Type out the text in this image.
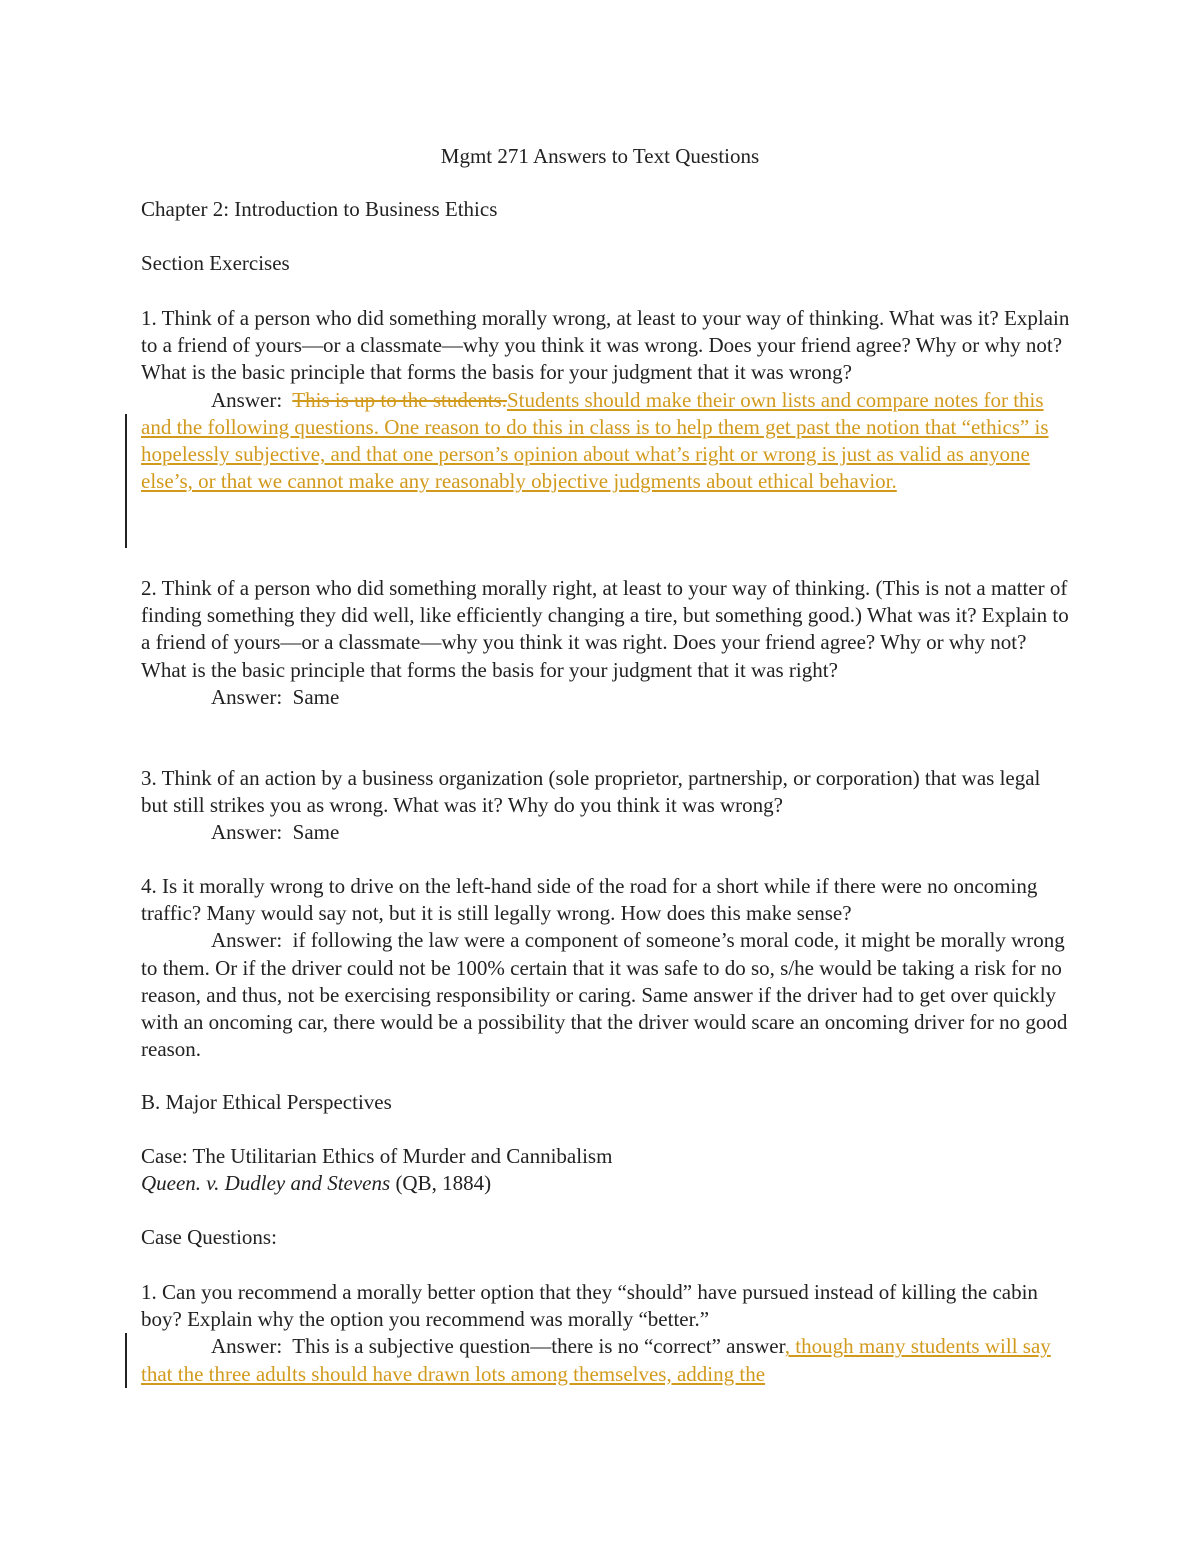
Mgmt 271 Answers to Text Questions
Chapter 2: Introduction to Business Ethics
Section Exercises
1. Think of a person who did something morally wrong, at least to your way of thinking. What was it? Explain to a friend of yours—or a classmate—why you think it was wrong. Does your friend agree? Why or why not? What is the basic principle that forms the basis for your judgment that it was wrong?
Answer: This is up to the students.Students should make their own lists and compare notes for this and the following questions. One reason to do this in class is to help them get past the notion that “ethics” is hopelessly subjective, and that one person’s opinion about what’s right or wrong is just as valid as anyone else’s, or that we cannot make any reasonably objective judgments about ethical behavior.
2. Think of a person who did something morally right, at least to your way of thinking. (This is not a matter of finding something they did well, like efficiently changing a tire, but something good.) What was it? Explain to a friend of yours—or a classmate—why you think it was right. Does your friend agree? Why or why not? What is the basic principle that forms the basis for your judgment that it was right?
Answer: Same
3. Think of an action by a business organization (sole proprietor, partnership, or corporation) that was legal but still strikes you as wrong. What was it? Why do you think it was wrong?
Answer: Same
4. Is it morally wrong to drive on the left-hand side of the road for a short while if there were no oncoming traffic? Many would say not, but it is still legally wrong. How does this make sense?
Answer: if following the law were a component of someone’s moral code, it might be morally wrong to them. Or if the driver could not be 100% certain that it was safe to do so, s/he would be taking a risk for no reason, and thus, not be exercising responsibility or caring. Same answer if the driver had to get over quickly with an oncoming car, there would be a possibility that the driver would scare an oncoming driver for no good reason.
B. Major Ethical Perspectives
Case: The Utilitarian Ethics of Murder and Cannibalism
Queen. v. Dudley and Stevens (QB, 1884)
Case Questions:
1. Can you recommend a morally better option that they “should” have pursued instead of killing the cabin boy? Explain why the option you recommend was morally “better.”
Answer: This is a subjective question—there is no “correct” answer, though many students will say that the three adults should have drawn lots among themselves, adding the
